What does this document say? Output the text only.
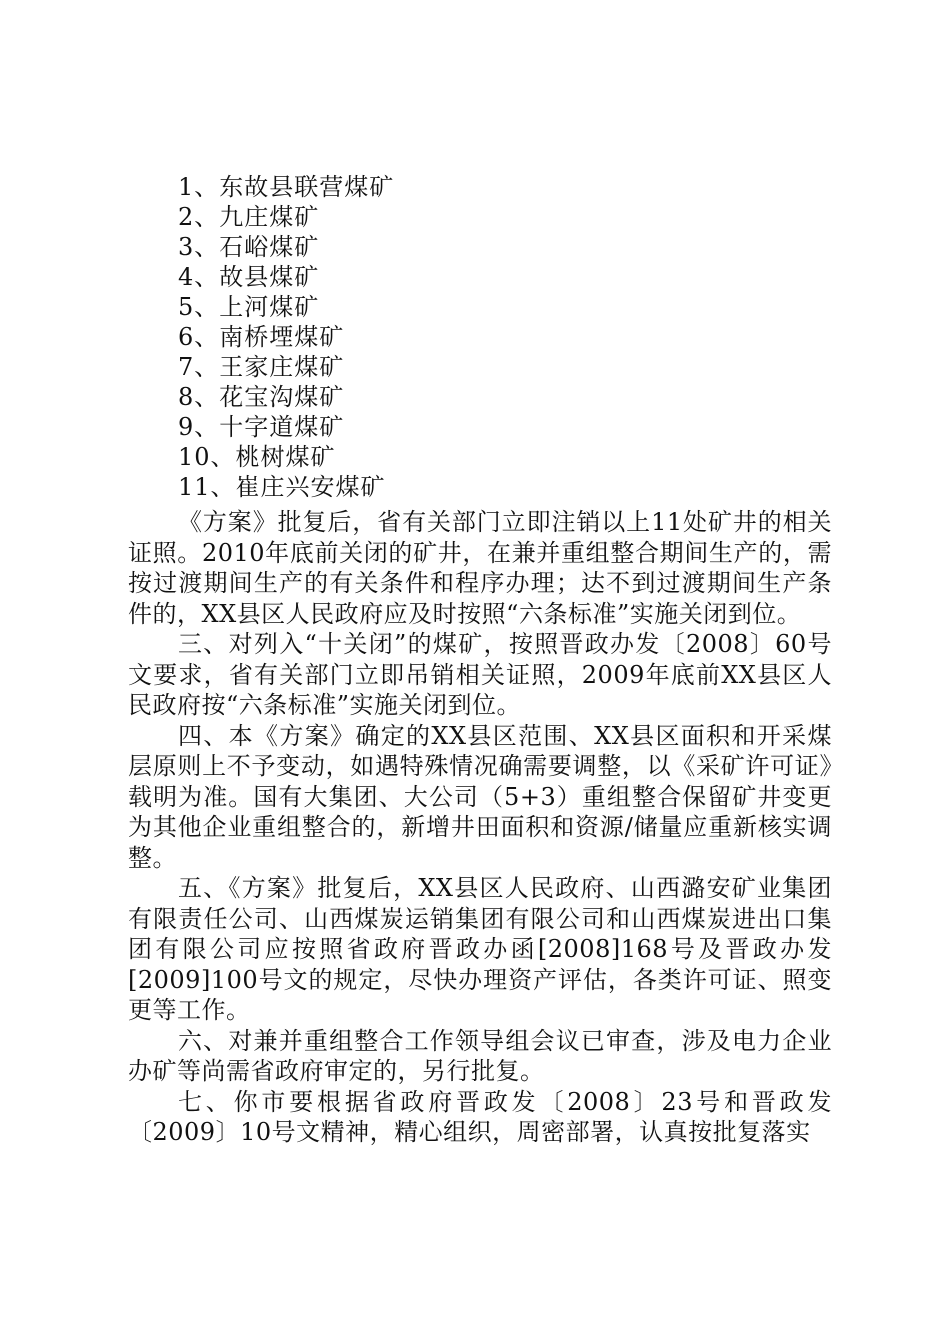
1、东故县联营煤矿
2、九庄煤矿
3、石峪煤矿
4、故县煤矿
5、上河煤矿
6、南桥堙煤矿
7、王家庄煤矿
8、花宝沟煤矿
9、十字道煤矿
10、桃树煤矿
11、崔庄兴安煤矿

《方案》批复后，省有关部门立即注销以上11处矿井的相关证照。2010年底前关闭的矿井，在兼并重组整合期间生产的，需按过渡期间生产的有关条件和程序办理；达不到过渡期间生产条件的，XX县区人民政府应及时按照“六条标准”实施关闭到位。

三、对列入“十关闭”的煤矿，按照晋政办发〔2008〕60号文要求，省有关部门立即吊销相关证照，2009年底前XX县区人民政府按“六条标准”实施关闭到位。

四、本《方案》确定的XX县区范围、XX县区面积和开采煤层原则上不予变动，如遇特殊情况确需要调整，以《采矿许可证》载明为准。国有大集团、大公司（5+3）重组整合保留矿井变更为其他企业重组整合的，新增井田面积和资源/储量应重新核实调整。

五、《方案》批复后，XX县区人民政府、山西潞安矿业集团有限责任公司、山西煤炭运销集团有限公司和山西煤炭进出口集团有限公司应按照省政府晋政办函[2008]168号及晋政办发[2009]100号文的规定，尽快办理资产评估，各类许可证、照变更等工作。

六、对兼并重组整合工作领导组会议已审查，涉及电力企业办矿等尚需省政府审定的，另行批复。

七、你市要根据省政府晋政发〔2008〕23号和晋政发〔2009〕10号文精神，精心组织，周密部署，认真按批复落实
